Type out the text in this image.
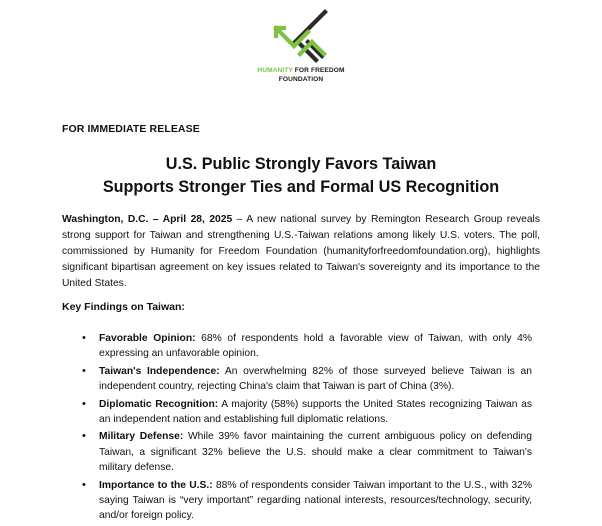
HUMANITY FOR FREEDOM
FOUNDATION
FOR IMMEDIATE RELEASE
U.S. Public Strongly Favors Taiwan
Supports Stronger Ties and Formal US Recognition

Washington, D.C. – April 28, 2025 – A new national survey by Remington Research Group reveals strong support for Taiwan and strengthening U.S.-Taiwan relations among likely U.S. voters. The poll, commissioned by Humanity for Freedom Foundation (humanityforfreedomfoundation.org), highlights significant bipartisan agreement on key issues related to Taiwan's sovereignty and its importance to the United States.

Key Findings on Taiwan:
• Favorable Opinion: 68% of respondents hold a favorable view of Taiwan, with only 4% expressing an unfavorable opinion.
• Taiwan's Independence: An overwhelming 82% of those surveyed believe Taiwan is an independent country, rejecting China's claim that Taiwan is part of China (3%).
• Diplomatic Recognition: A majority (58%) supports the United States recognizing Taiwan as an independent nation and establishing full diplomatic relations.
• Military Defense: While 39% favor maintaining the current ambiguous policy on defending Taiwan, a significant 32% believe the U.S. should make a clear commitment to Taiwan's military defense.
• Importance to the U.S.: 88% of respondents consider Taiwan important to the U.S., with 32% saying Taiwan is “very important” regarding national interests, resources/technology, security, and/or foreign policy.
